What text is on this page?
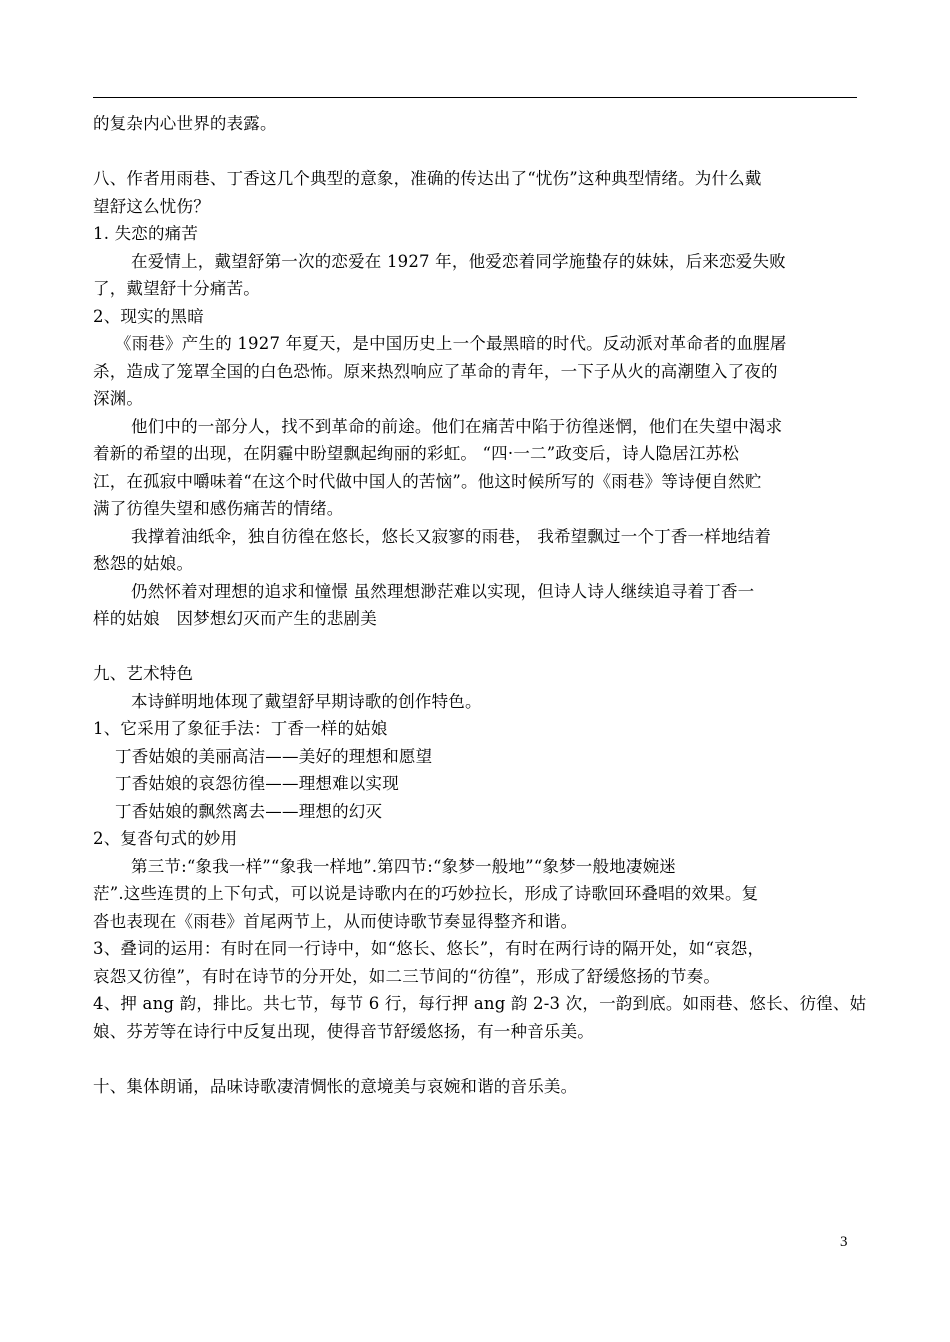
的复杂内心世界的表露。
八、作者用雨巷、丁香这几个典型的意象，准确的传达出了“忧伤”这种典型情绪。为什么戴
望舒这么忧伤？
1. 失恋的痛苦
在爱情上，戴望舒第一次的恋爱在 1927 年，他爱恋着同学施蛰存的妹妹，后来恋爱失败
了，戴望舒十分痛苦。
2、现实的黑暗
《雨巷》产生的 1927 年夏天，是中国历史上一个最黑暗的时代。反动派对革命者的血腥屠
杀，造成了笼罩全国的白色恐怖。原来热烈响应了革命的青年，一下子从火的高潮堕入了夜的
深渊。
他们中的一部分人，找不到革命的前途。他们在痛苦中陷于彷徨迷惘，他们在失望中渴求
着新的希望的出现，在阴霾中盼望飘起绚丽的彩虹。 “四·一二”政变后，诗人隐居江苏松
江，在孤寂中嚼味着“在这个时代做中国人的苦恼”。他这时候所写的《雨巷》等诗便自然贮
满了彷徨失望和感伤痛苦的情绪。
我撑着油纸伞，独自彷徨在悠长，悠长又寂寥的雨巷， 我希望飘过一个丁香一样地结着
愁怨的姑娘。
仍然怀着对理想的追求和憧憬 虽然理想渺茫难以实现，但诗人诗人继续追寻着丁香一
样的姑娘　因梦想幻灭而产生的悲剧美
九、艺术特色
本诗鲜明地体现了戴望舒早期诗歌的创作特色。
1、它采用了象征手法：丁香一样的姑娘
丁香姑娘的美丽高洁——美好的理想和愿望
丁香姑娘的哀怨彷徨——理想难以实现
丁香姑娘的飘然离去——理想的幻灭
2、复沓句式的妙用
第三节:“象我一样”“象我一样地”.第四节:“象梦一般地”“象梦一般地凄婉迷
茫”.这些连贯的上下句式，可以说是诗歌内在的巧妙拉长，形成了诗歌回环叠唱的效果。复
沓也表现在《雨巷》首尾两节上，从而使诗歌节奏显得整齐和谐。
3、叠词的运用：有时在同一行诗中，如“悠长、悠长”，有时在两行诗的隔开处，如“哀怨，
哀怨又彷徨”，有时在诗节的分开处，如二三节间的“彷徨”，形成了舒缓悠扬的节奏。
4、押 ang 韵，排比。共七节，每节 6 行，每行押 ang 韵 2-3 次，一韵到底。如雨巷、悠长、彷徨、姑
娘、芬芳等在诗行中反复出现，使得音节舒缓悠扬，有一种音乐美。
十、集体朗诵，品味诗歌凄清惆怅的意境美与哀婉和谐的音乐美。
3
